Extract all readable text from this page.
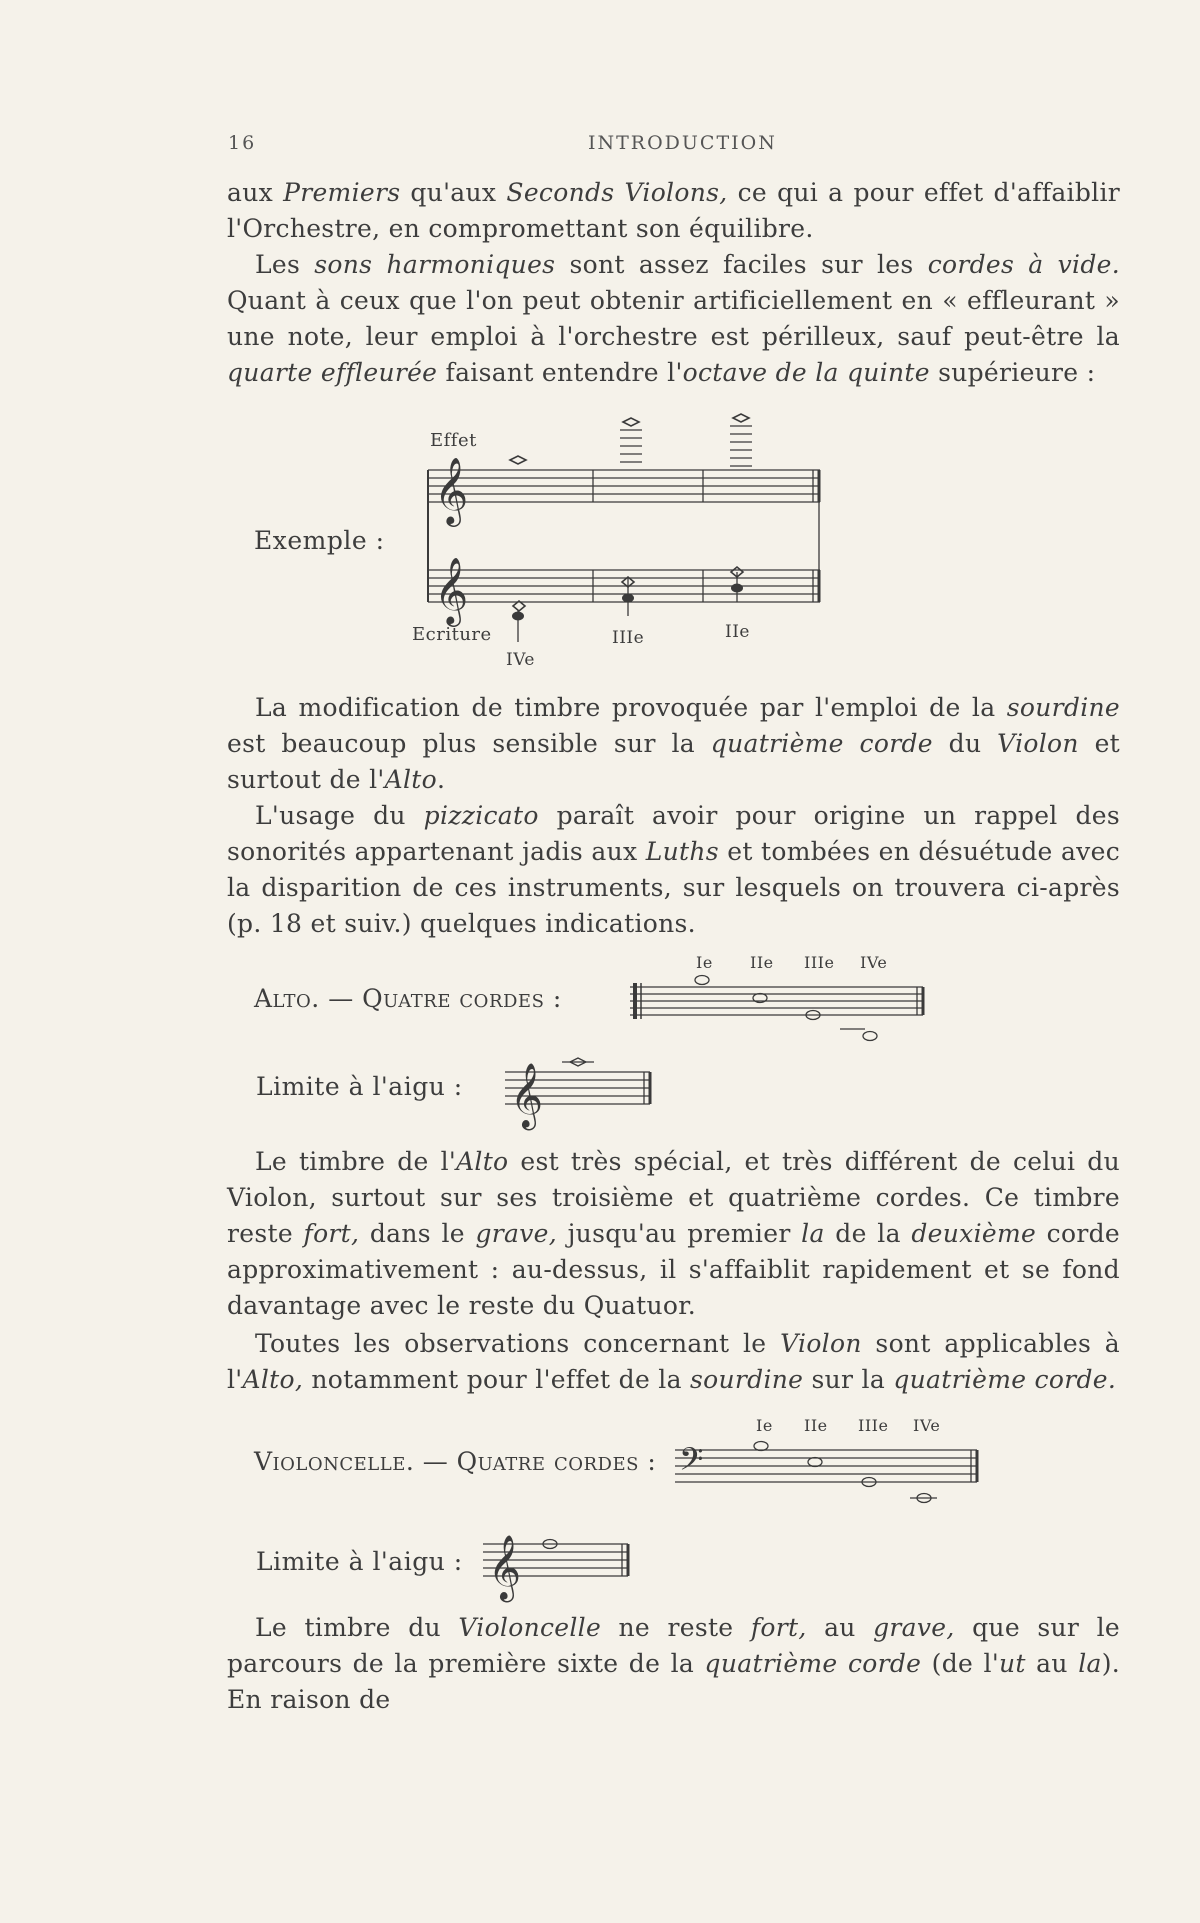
16	INTRODUCTION
aux Premiers qu'aux Seconds Violons, ce qui a pour effet d'affaiblir l'Orchestre, en compromettant son équilibre.
Les sons harmoniques sont assez faciles sur les cordes à vide. Quant à ceux que l'on peut obtenir artificiellement en « effleurant » une note, leur emploi à l'orchestre est périlleux, sauf peut-être la quarte effleurée faisant entendre l'octave de la quinte supérieure :
Exemple :
𝄞
𝄞
Effet
Ecriture
IVe
IIIe	IIe
La modification de timbre provoquée par l'emploi de la sourdine est beaucoup plus sensible sur la quatrième corde du Violon et surtout de l'Alto.
L'usage du pizzicato paraît avoir pour origine un rappel des sonorités appartenant jadis aux Luths et tombées en désuétude avec la disparition de ces instruments, sur lesquels on trouvera ci-après (p. 18 et suiv.) quelques indications.
Alto. — Quatre cordes :
Ie IIe IIIe IVe
Limite à l'aigu : 𝄞
Le timbre de l'Alto est très spécial, et très différent de celui du Violon, surtout sur ses troisième et quatrième cordes. Ce timbre reste fort, dans le grave, jusqu'au premier la de la deuxième corde approximativement : au-dessus, il s'affaiblit rapidement et se fond davantage avec le reste du Quatuor.
Toutes les observations concernant le Violon sont applicables à l'Alto, notamment pour l'effet de la sourdine sur la quatrième corde.
Violoncelle. — Quatre cordes :
Ie IIe IIIe IVe
𝄢
Limite à l'aigu : 𝄞
Le timbre du Violoncelle ne reste fort, au grave, que sur le parcours de la première sixte de la quatrième corde (de l'ut au la). En raison de
